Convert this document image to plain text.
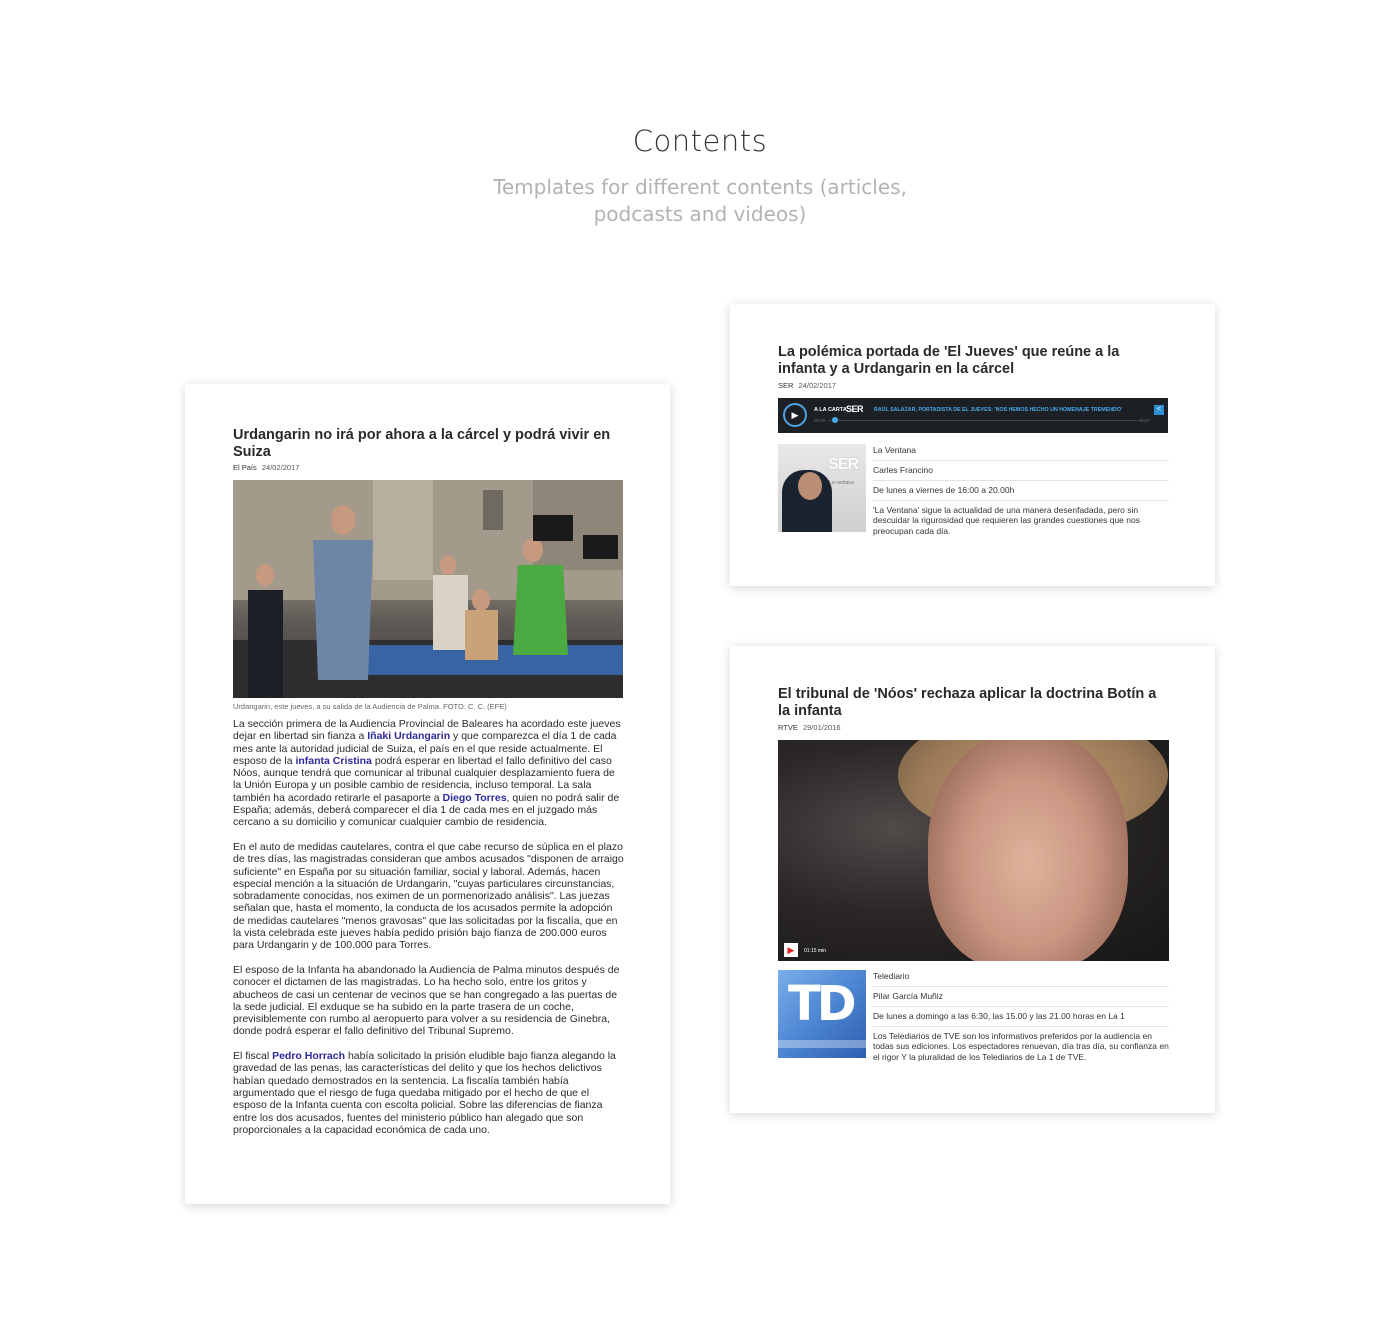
Contents
Templates for different contents (articles, podcasts and videos)
Urdangarin no irá por ahora a la cárcel y podrá vivir en Suiza
El País 24/02/2017
Urdangarin, este jueves, a su salida de la Audiencia de Palma. FOTO: C. C. (EFE)

La sección primera de la Audiencia Provincial de Baleares ha acordado este jueves dejar en libertad sin fianza a Iñaki Urdangarin y que comparezca el día 1 de cada mes ante la autoridad judicial de Suiza, el país en el que reside actualmente. El esposo de la infanta Cristina podrá esperar en libertad el fallo definitivo del caso Nóos, aunque tendrá que comunicar al tribunal cualquier desplazamiento fuera de la Unión Europa y un posible cambio de residencia, incluso temporal. La sala también ha acordado retirarle el pasaporte a Diego Torres, quien no podrá salir de España; además, deberá comparecer el día 1 de cada mes en el juzgado más cercano a su domicilio y comunicar cualquier cambio de residencia.

En el auto de medidas cautelares, contra el que cabe recurso de súplica en el plazo de tres días, las magistradas consideran que ambos acusados "disponen de arraigo suficiente" en España por su situación familiar, social y laboral. Además, hacen especial mención a la situación de Urdangarin, "cuyas particulares circunstancias, sobradamente conocidas, nos eximen de un pormenorizado análisis". Las juezas señalan que, hasta el momento, la conducta de los acusados permite la adopción de medidas cautelares "menos gravosas" que las solicitadas por la fiscalía, que en la vista celebrada este jueves había pedido prisión bajo fianza de 200.000 euros para Urdangarin y de 100.000 para Torres.

El esposo de la Infanta ha abandonado la Audiencia de Palma minutos después de conocer el dictamen de las magistradas. Lo ha hecho solo, entre los gritos y abucheos de casi un centenar de vecinos que se han congregado a las puertas de la sede judicial. El exduque se ha subido en la parte trasera de un coche, previsiblemente con rumbo al aeropuerto para volver a su residencia de Ginebra, donde podrá esperar el fallo definitivo del Tribunal Supremo.

El fiscal Pedro Horrach había solicitado la prisión eludible bajo fianza alegando la gravedad de las penas, las características del delito y que los hechos delictivos habían quedado demostrados en la sentencia. La fiscalía también había argumentado que el riesgo de fuga quedaba mitigado por el hecho de que el esposo de la Infanta cuenta con escolta policial. Sobre las diferencias de fianza entre los dos acusados, fuentes del ministerio público han alegado que son proporcionales a la capacidad económica de cada uno.

La polémica portada de 'El Jueves' que reúne a la infanta y a Urdangarin en la cárcel
SER 24/02/2017
▶	A LA CARTA SER RAÚL SALAZAR, PORTADISTA DE EL JUEVES: 'NOS HEMOS HECHO UN HOMENAJE TREMENDO'
00:00	06:57
<
SER
La ventana
La Ventana
Carles Francino
De lunes a viernes de 16:00 a 20.00h
'La Ventana' sigue la actualidad de una manera desenfadada, pero sin descuidar la rigurosidad que requieren las grandes cuestiones que nos preocupan cada día.
El tribunal de 'Nóos' rechaza aplicar la doctrina Botín a la infanta
RTVE 29/01/2016
▶	01:15 min
TD Telediario
Pilar García Muñiz
De lunes a domingo a las 6:30, las 15.00 y las 21.00 horas en La 1
Los Telediarios de TVE son los informativos preferidos por la audiencia en todas sus ediciones. Los espectadores renuevan, día tras día, su confianza en el rigor Y la pluralidad de los Telediarios de La 1 de TVE.
